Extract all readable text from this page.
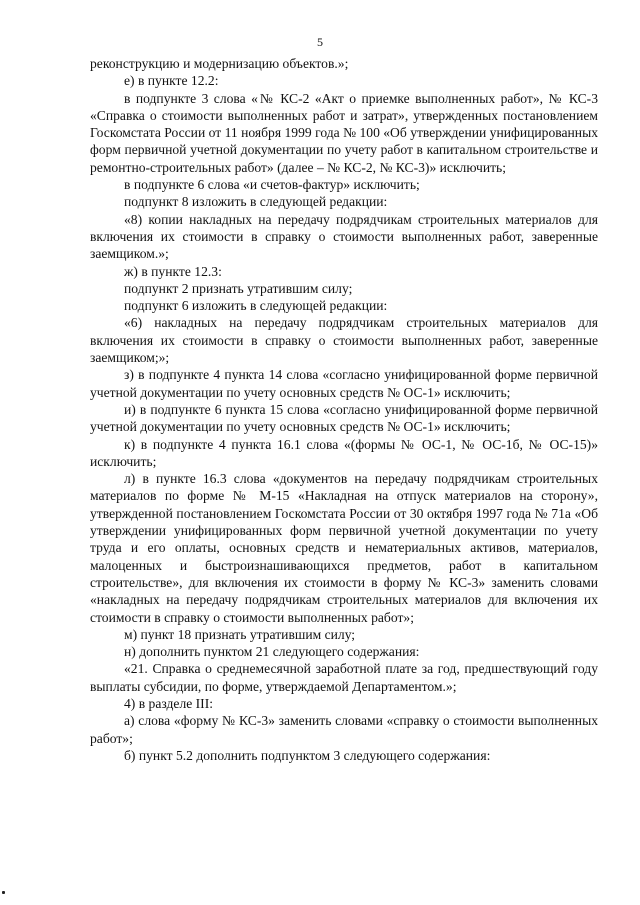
5

реконструкцию и модернизацию объектов.»;

е) в пункте 12.2:

в подпункте 3 слова «№ КС-2 «Акт о приемке выполненных работ», № КС-3 «Справка о стоимости выполненных работ и затрат», утвержденных постановлением Госкомстата России от 11 ноября 1999 года № 100 «Об утверждении унифицированных форм первичной учетной документации по учету работ в капитальном строительстве и ремонтно-строительных работ» (далее – № КС-2, № КС-3)» исключить;

в подпункте 6 слова «и счетов-фактур» исключить;

подпункт 8 изложить в следующей редакции:

«8) копии накладных на передачу подрядчикам строительных материалов для включения их стоимости в справку о стоимости выполненных работ, заверенные заемщиком.»;

ж) в пункте 12.3:

подпункт 2 признать утратившим силу;

подпункт 6 изложить в следующей редакции:

«6) накладных на передачу подрядчикам строительных материалов для включения их стоимости в справку о стоимости выполненных работ, заверенные заемщиком;»;

з) в подпункте 4 пункта 14 слова «согласно унифицированной форме первичной учетной документации по учету основных средств № ОС-1» исключить;

и) в подпункте 6 пункта 15 слова «согласно унифицированной форме первичной учетной документации по учету основных средств № ОС-1» исключить;

к) в подпункте 4 пункта 16.1 слова «(формы № ОС-1, № ОС-1б, № ОС-15)» исключить;

л) в пункте 16.3 слова «документов на передачу подрядчикам строительных материалов по форме № М-15 «Накладная на отпуск материалов на сторону», утвержденной постановлением Госкомстата России от 30 октября 1997 года № 71а «Об утверждении унифицированных форм первичной учетной документации по учету труда и его оплаты, основных средств и нематериальных активов, материалов, малоценных и быстроизнашивающихся предметов, работ в капитальном строительстве», для включения их стоимости в форму № КС-3» заменить словами «накладных на передачу подрядчикам строительных материалов для включения их стоимости в справку о стоимости выполненных работ»;

м) пункт 18 признать утратившим силу;

н) дополнить пунктом 21 следующего содержания:

«21. Справка о среднемесячной заработной плате за год, предшествующий году выплаты субсидии, по форме, утверждаемой Департаментом.»;

4) в разделе III:

а) слова «форму № КС-3» заменить словами «справку о стоимости выполненных работ»;

б) пункт 5.2 дополнить подпунктом 3 следующего содержания:
